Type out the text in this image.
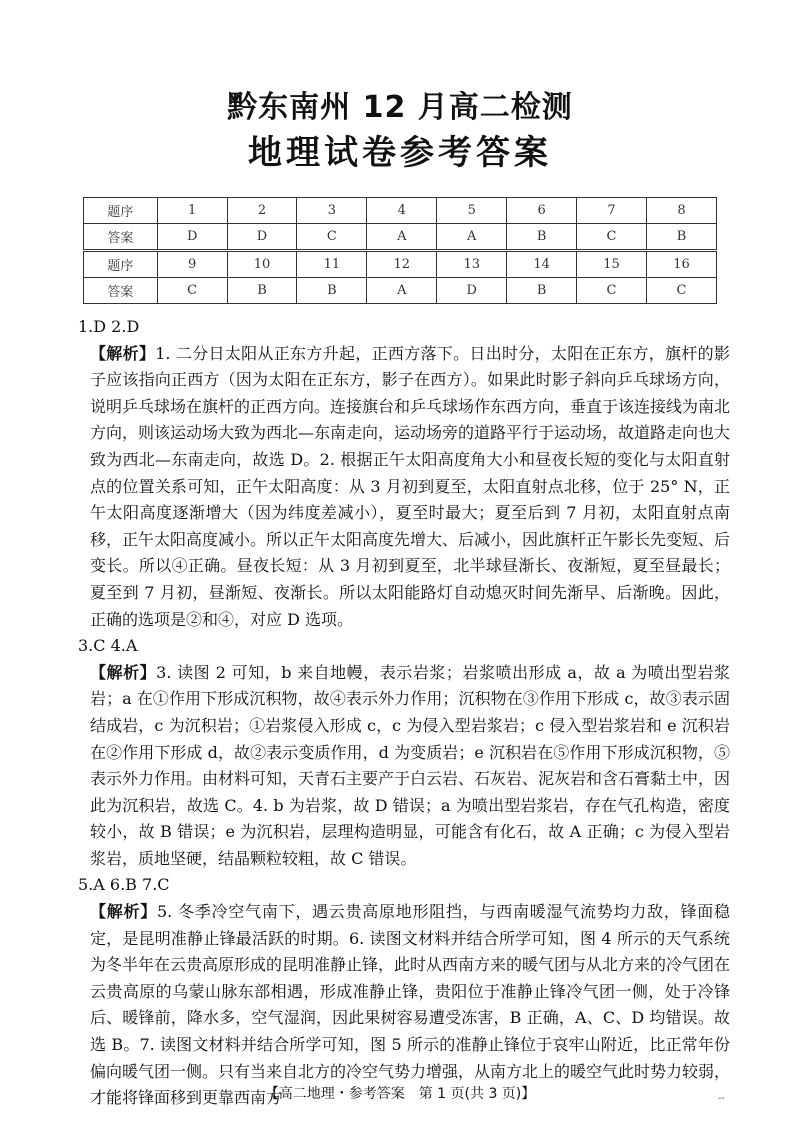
黔东南州 12 月高二检测
地理试卷参考答案
题序	1	2	3	4	5	6	7	8
答案	D	D	C	A	A	B	C	B
题序	9	10	11	12	13	14	15	16
答案	C	B	B	A	D	B	C	C

1.D 2.D

【解析】1. 二分日太阳从正东方升起，正西方落下。日出时分，太阳在正东方，旗杆的影子应该指向正西方（因为太阳在正东方，影子在西方）。如果此时影子斜向乒乓球场方向，说明乒乓球场在旗杆的正西方向。连接旗台和乒乓球场作东西方向，垂直于该连接线为南北方向，则该运动场大致为西北—东南走向，运动场旁的道路平行于运动场，故道路走向也大致为西北—东南走向，故选 D。2. 根据正午太阳高度角大小和昼夜长短的变化与太阳直射点的位置关系可知，正午太阳高度：从 3 月初到夏至，太阳直射点北移，位于 25° N，正午太阳高度逐渐增大（因为纬度差减小），夏至时最大；夏至后到 7 月初，太阳直射点南移，正午太阳高度减小。所以正午太阳高度先增大、后减小，因此旗杆正午影长先变短、后变长。所以④正确。昼夜长短：从 3 月初到夏至，北半球昼渐长、夜渐短，夏至昼最长；夏至到 7 月初，昼渐短、夜渐长。所以太阳能路灯自动熄灭时间先渐早、后渐晚。因此，正确的选项是②和④，对应 D 选项。

3.C 4.A

【解析】3. 读图 2 可知，b 来自地幔，表示岩浆；岩浆喷出形成 a，故 a 为喷出型岩浆岩；a 在①作用下形成沉积物，故④表示外力作用；沉积物在③作用下形成 c，故③表示固结成岩，c 为沉积岩；①岩浆侵入形成 c，c 为侵入型岩浆岩；c 侵入型岩浆岩和 e 沉积岩在②作用下形成 d，故②表示变质作用，d 为变质岩；e 沉积岩在⑤作用下形成沉积物，⑤表示外力作用。由材料可知，天青石主要产于白云岩、石灰岩、泥灰岩和含石膏黏土中，因此为沉积岩，故选 C。4. b 为岩浆，故 D 错误；a 为喷出型岩浆岩，存在气孔构造，密度较小，故 B 错误；e 为沉积岩，层理构造明显，可能含有化石，故 A 正确；c 为侵入型岩浆岩，质地坚硬，结晶颗粒较粗，故 C 错误。

5.A 6.B 7.C

【解析】5. 冬季冷空气南下，遇云贵高原地形阻挡，与西南暖湿气流势均力敌，锋面稳定，是昆明准静止锋最活跃的时期。6. 读图文材料并结合所学可知，图 4 所示的天气系统为冬半年在云贵高原形成的昆明准静止锋，此时从西南方来的暖气团与从北方来的冷气团在云贵高原的乌蒙山脉东部相遇，形成准静止锋，贵阳位于准静止锋冷气团一侧，处于冷锋后、暖锋前，降水多，空气湿润，因此果树容易遭受冻害，B 正确，A、C、D 均错误。故选 B。7. 读图文材料并结合所学可知，图 5 所示的准静止锋位于哀牢山附近，比正常年份偏向暖气团一侧。只有当来自北方的冷空气势力增强，从南方北上的暖空气此时势力较弱，才能将锋面移到更靠西南方

【高二地理・参考答案　第 1 页(共 3 页)】	--
